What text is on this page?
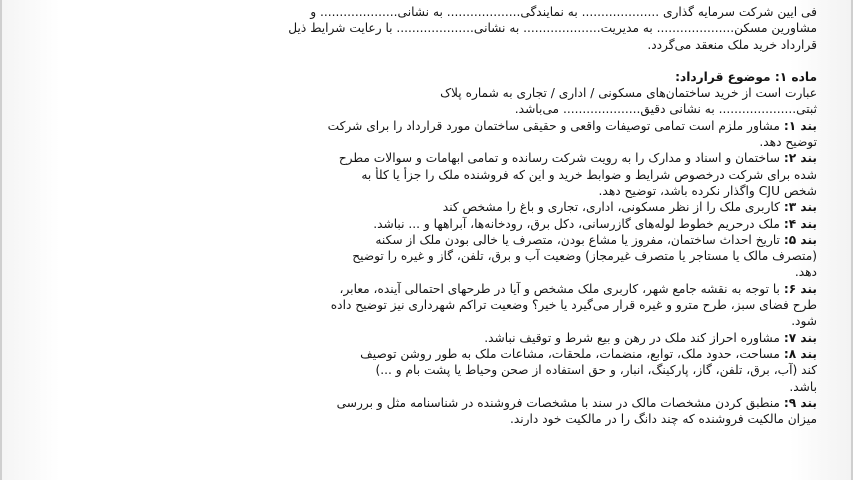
فی ایین شرکت سرمایه گذاری .................... به نمایندگی................... به نشانی.................... و
مشاورین مسکن.................... به مدیریت.................... به نشانی.................... با رعایت شرایط ذیل
قرارداد خرید ملک منعقد می‌گردد.
ماده ۱: موضوع قرارداد:
عبارت است از خرید ساختمان‌های مسکونی / اداری / تجاری به شماره پلاک
ثبتی.................... به نشانی دقیق.................... می‌باشد.
بند ۱: مشاور ملزم است تمامی توصیفات واقعی و حقیقی ساختمان مورد قرارداد را برای شرکت
توضیح دهد.
بند ۲: ساختمان و اسناد و مدارک را به رویت شرکت رسانده و تمامی ابهامات و سوالات مطرح
شده برای شرکت درخصوص شرایط و ضوابط خرید و این که فروشنده ملک را جزأ یا کلأ به
شخص CJU واگذار نکرده باشد، توضیح دهد.
بند ۳: کاربری ملک را از نظر مسکونی، اداری، تجاری و باغ را مشخص کند
بند ۴: ملک درحریم خطوط لوله‌های گازرسانی، دکل برق، رودخانه‌ها، آبراهها و ... نباشد.
بند ۵: تاریخ احداث ساختمان، مفروز یا مشاع بودن، متصرف یا خالی بودن ملک از سکنه
(متصرف مالک یا مستاجر یا متصرف غیرمجاز) وضعیت آب و برق، تلفن، گاز و غیره را توضیح
دهد.
بند ۶: با توجه به نقشه جامع شهر، کاربری ملک مشخص و آیا در طرحهای احتمالی آینده، معابر،
طرح فضای سبز، طرح مترو و غیره قرار می‌گیرد یا خیر؟ وضعیت تراکم شهرداری نیز توضیح داده
شود.
بند ۷: مشاوره احراز کند ملک در رهن و بیع شرط و توقیف نباشد.
بند ۸: مساحت، حدود ملک، توابع، منضمات، ملحقات، مشاعات ملک به طور روشن توصیف
کند (آب، برق، تلفن، گاز، پارکینگ، انبار، و حق استفاده از صحن وحیاط یا پشت بام و ...)
باشد.
بند ۹: منطبق کردن مشخصات مالک در سند با مشخصات فروشنده در شناسنامه مثل و بررسی
میزان مالکیت فروشنده که چند دانگ را در مالکیت خود دارند.
